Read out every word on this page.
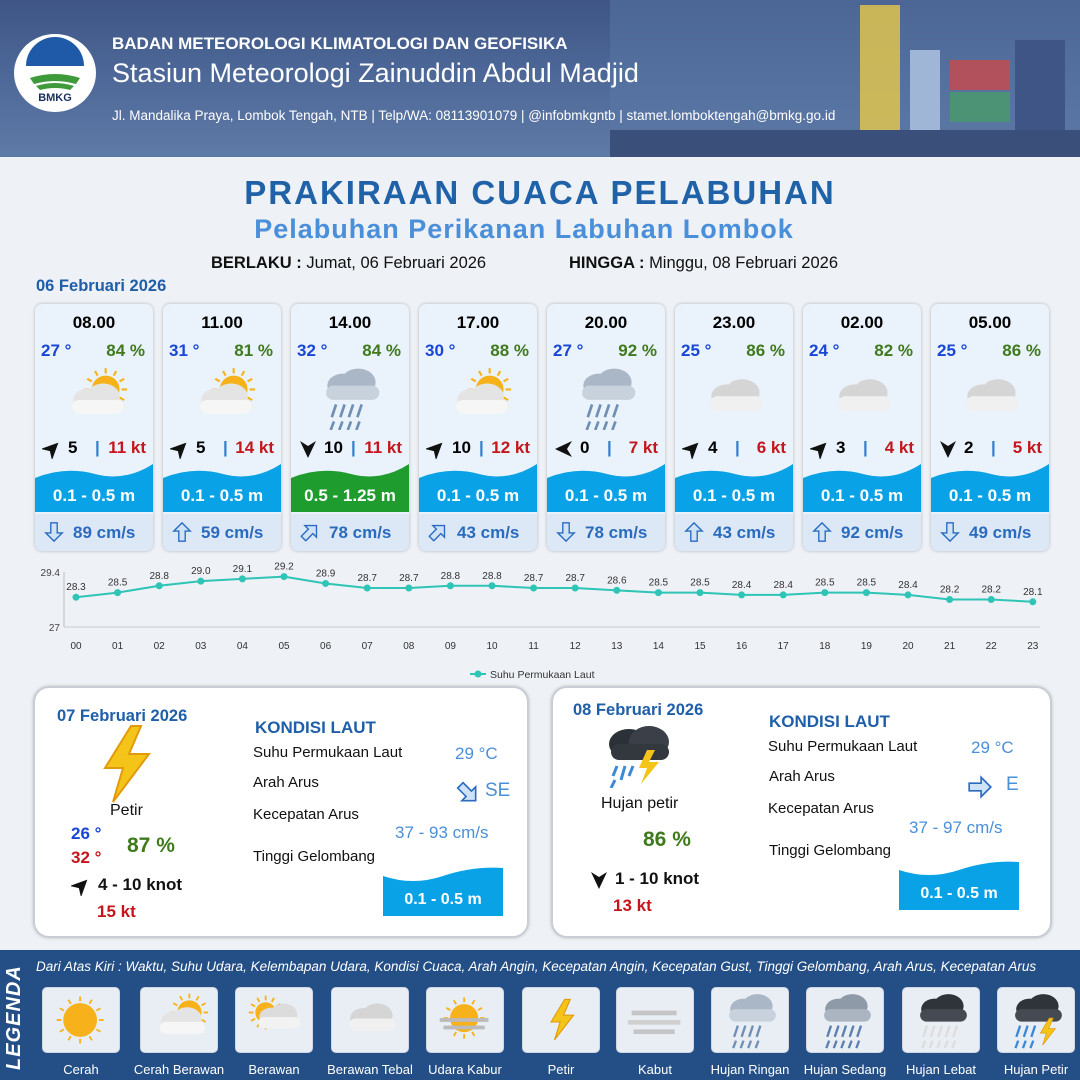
BMKG
BADAN METEOROLOGI KLIMATOLOGI DAN GEOFISIKA
Stasiun Meteorologi Zainuddin Abdul Madjid
Jl. Mandalika Praya, Lombok Tengah, NTB | Telp/WA: 08113901079 | @infobmkgntb | stamet.lomboktengah@bmkg.go.id
PRAKIRAAN CUACA PELABUHAN
Pelabuhan Perikanan Labuhan Lombok
BERLAKU : Jumat, 06 Februari 2026	HINGGA : Minggu, 08 Februari 2026
06 Februari 2026
08.00
27 ° 84 %
5 | 11 kt
0.1 - 0.5 m
89 cm/s
11.00
31 ° 81 %
5 | 14 kt
0.1 - 0.5 m
59 cm/s
14.00
32 ° 84 %
10 | 11 kt
0.5 - 1.25 m
78 cm/s
17.00
30 ° 88 %
10 | 12 kt
0.1 - 0.5 m
43 cm/s
20.00
27 ° 92 %
0 | 7 kt
0.1 - 0.5 m
78 cm/s
23.00
25 ° 86 %
4 | 6 kt
0.1 - 0.5 m
43 cm/s
02.00
24 ° 82 %
3 | 4 kt
0.1 - 0.5 m
92 cm/s
05.00
25 ° 86 %
2 | 5 kt
0.1 - 0.5 m
49 cm/s
29.4
27
28.3 28.5
28.8 29.0 29.1 29.2
28.9 28.7 28.7 28.8 28.8 28.7 28.7 28.6 28.5 28.5 28.4 28.4 28.5 28.5 28.4 28.2 28.2 28.1
00	01	02	03	04	05	06	07	08	09	10	11	12	13	14	15	16	17	18	19	20	21	22	23
Suhu Permukaan Laut
07 Februari 2026
Petir
26 °
32 °
87 %
4 - 10 knot
15 kt
KONDISI LAUT
Suhu Permukaan Laut	29 °C
Arah Arus	SE
Kecepatan Arus
37 - 93 cm/s
Tinggi Gelombang
0.1 - 0.5 m
08 Februari 2026
Hujan petir
86 %
1 - 10 knot
13 kt
KONDISI LAUT
Suhu Permukaan Laut	29 °C
Arah Arus	E
Kecepatan Arus
37 - 97 cm/s
Tinggi Gelombang
0.1 - 0.5 m
LEGENDA Dari Atas Kiri : Waktu, Suhu Udara, Kelembapan Udara, Kondisi Cuaca, Arah Angin, Kecepatan Angin, Kecepatan Gust, Tinggi Gelombang, Arah Arus, Kecepatan Arus
Cerah	Cerah Berawan	Berawan	Berawan Tebal	Udara Kabur	Petir	Kabut	Hujan Ringan	Hujan Sedang	Hujan Lebat	Hujan Petir
